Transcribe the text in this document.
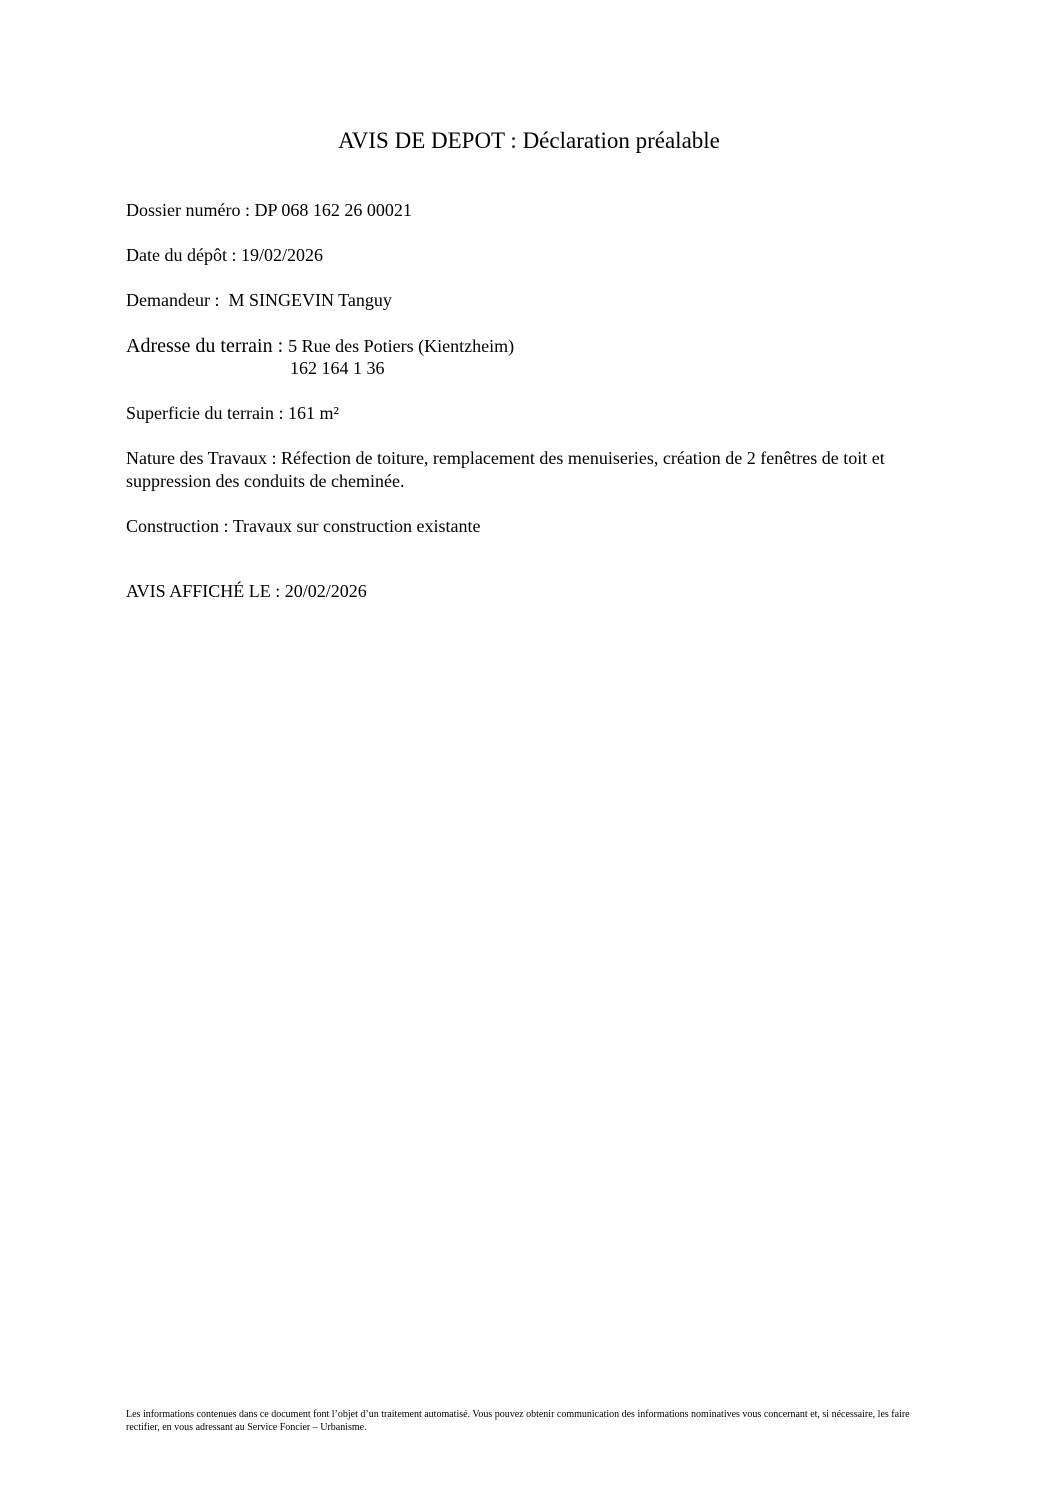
AVIS DE DEPOT : Déclaration préalable
Dossier numéro : DP 068 162 26 00021
Date du dépôt : 19/02/2026
Demandeur :  M SINGEVIN Tanguy
Adresse du terrain : 5 Rue des Potiers (Kientzheim)
162 164 1 36
Superficie du terrain : 161 m²
Nature des Travaux : Réfection de toiture, remplacement des menuiseries, création de 2 fenêtres de toit et suppression des conduits de cheminée.
Construction : Travaux sur construction existante
AVIS AFFICHÉ LE : 20/02/2026
Les informations contenues dans ce document font l’objet d’un traitement automatisé. Vous pouvez obtenir communication des informations nominatives vous concernant et, si nécessaire, les faire rectifier, en vous adressant au Service Foncier – Urbanisme.
